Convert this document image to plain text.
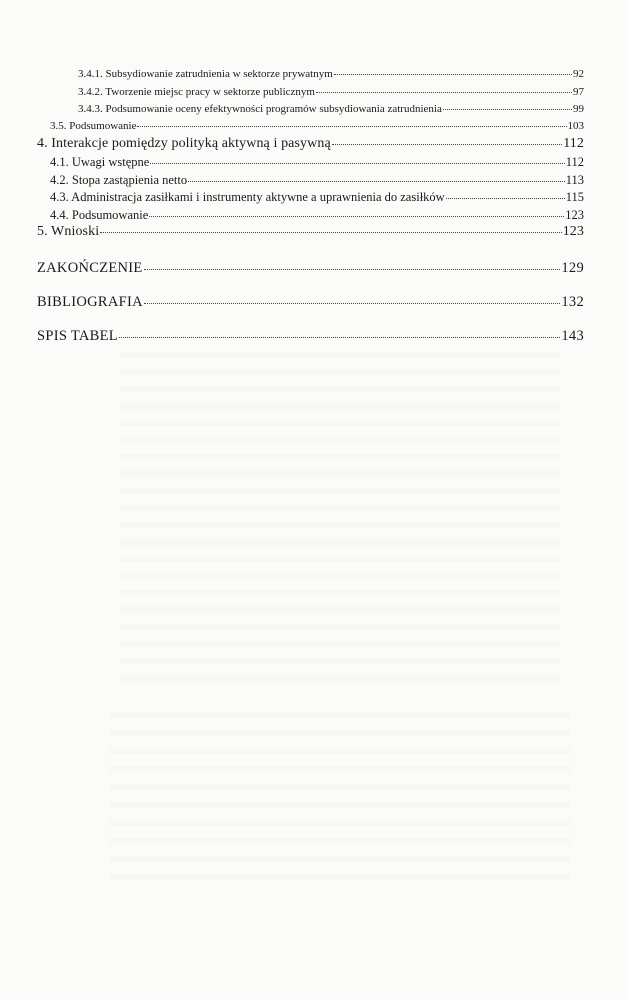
3.4.1. Subsydiowanie zatrudnienia w sektorze prywatnym	92
3.4.2. Tworzenie miejsc pracy w sektorze publicznym	97
3.4.3. Podsumowanie oceny efektywności programów subsydiowania zatrudnienia	99
3.5. Podsumowanie	103
4. Interakcje pomiędzy polityką aktywną i pasywną	112
4.1. Uwagi wstępne	112
4.2. Stopa zastąpienia netto	113
4.3. Administracja zasiłkami i instrumenty aktywne a uprawnienia do zasiłków	115
4.4. Podsumowanie	123
5. Wnioski	123
ZAKOŃCZENIE	129
BIBLIOGRAFIA	132
SPIS TABEL	143
